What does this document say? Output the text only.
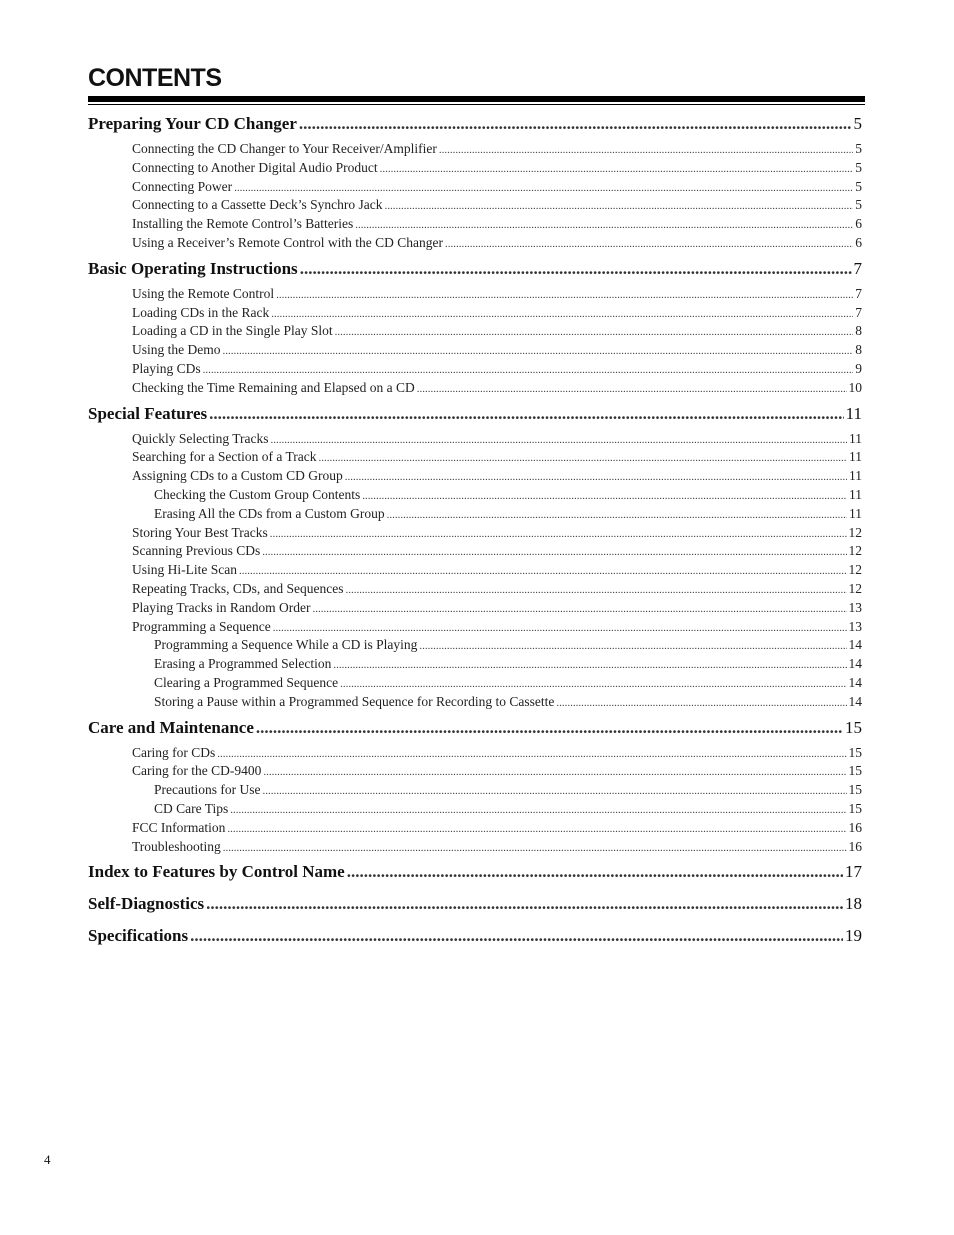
CONTENTS
Preparing Your CD Changer .....	5
Connecting the CD Changer to Your Receiver/Amplifier .....	5
Connecting to Another Digital Audio Product .....	5
Connecting Power .....	5
Connecting to a Cassette Deck’s Synchro Jack .....	5
Installing the Remote Control’s Batteries .....	6
Using a Receiver’s Remote Control with the CD Changer .....	6
Basic Operating Instructions .....	7
Using the Remote Control .....	7
Loading CDs in the Rack .....	7
Loading a CD in the Single Play Slot .....	8
Using the Demo .....	8
Playing CDs .....	9
Checking the Time Remaining and Elapsed on a CD .....	10
Special Features .....	11
Quickly Selecting Tracks .....	11
Searching for a Section of a Track .....	11
Assigning CDs to a Custom CD Group .....	11
Checking the Custom Group Contents .....	11
Erasing All the CDs from a Custom Group .....	11
Storing Your Best Tracks .....	12
Scanning Previous CDs .....	12
Using Hi-Lite Scan .....	12
Repeating Tracks, CDs, and Sequences .....	12
Playing Tracks in Random Order .....	13
Programming a Sequence .....	13
Programming a Sequence While a CD is Playing .....	14
Erasing a Programmed Selection .....	14
Clearing a Programmed Sequence .....	14
Storing a Pause within a Programmed Sequence for Recording to Cassette .....	14
Care and Maintenance .....	15
Caring for CDs .....	15
Caring for the CD-9400 .....	15
Precautions for Use .....	15
CD Care Tips .....	15
FCC Information .....	16
Troubleshooting .....	16
Index to Features by Control Name .....	17
Self-Diagnostics .....	18
Specifications .....	19
4
